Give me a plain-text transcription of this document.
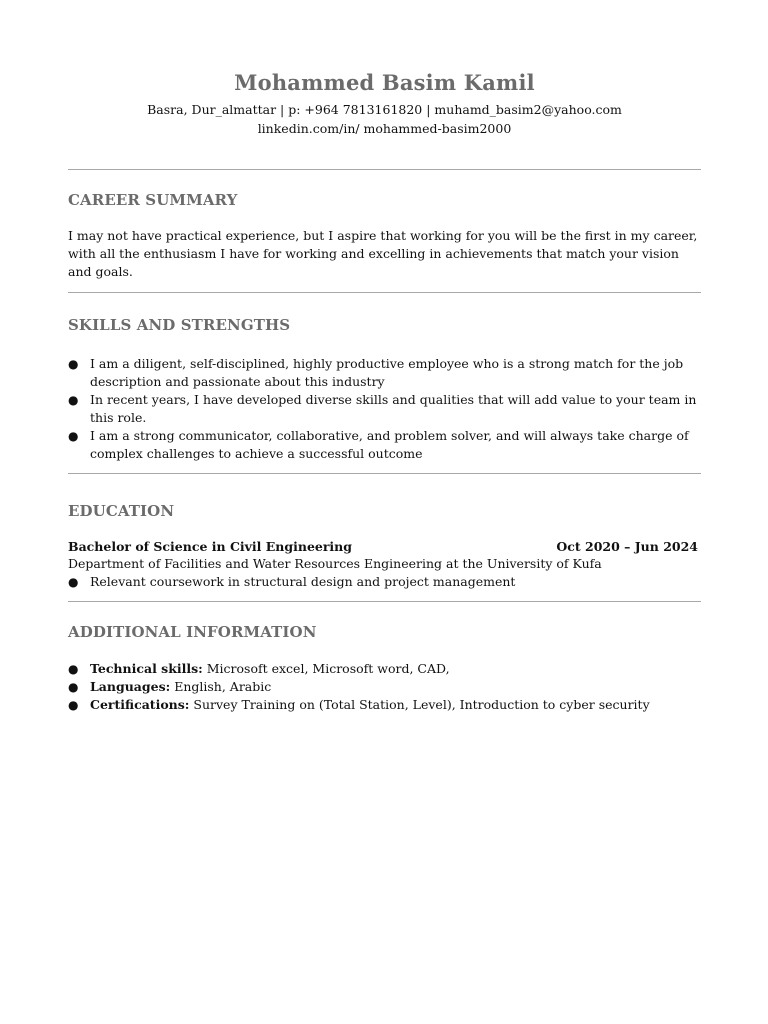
Mohammed Basim Kamil
Basra, Dur_almattar | p: +964 7813161820 | muhamd_basim2@yahoo.com
linkedin.com/in/ mohammed-basim2000
CAREER SUMMARY
I may not have practical experience, but I aspire that working for you will be the first in my career, with all the enthusiasm I have for working and excelling in achievements that match your vision and goals.
SKILLS AND STRENGTHS
● I am a diligent, self-disciplined, highly productive employee who is a strong match for the job description and passionate about this industry
● In recent years, I have developed diverse skills and qualities that will add value to your team in this role.
● I am a strong communicator, collaborative, and problem solver, and will always take charge of complex challenges to achieve a successful outcome
EDUCATION
Bachelor of Science in Civil Engineering	Oct 2020 – Jun 2024
Department of Facilities and Water Resources Engineering at the University of Kufa
● Relevant coursework in structural design and project management
ADDITIONAL INFORMATION
● Technical skills: Microsoft excel, Microsoft word, CAD,
● Languages: English, Arabic
● Certifications: Survey Training on (Total Station, Level), Introduction to cyber security
